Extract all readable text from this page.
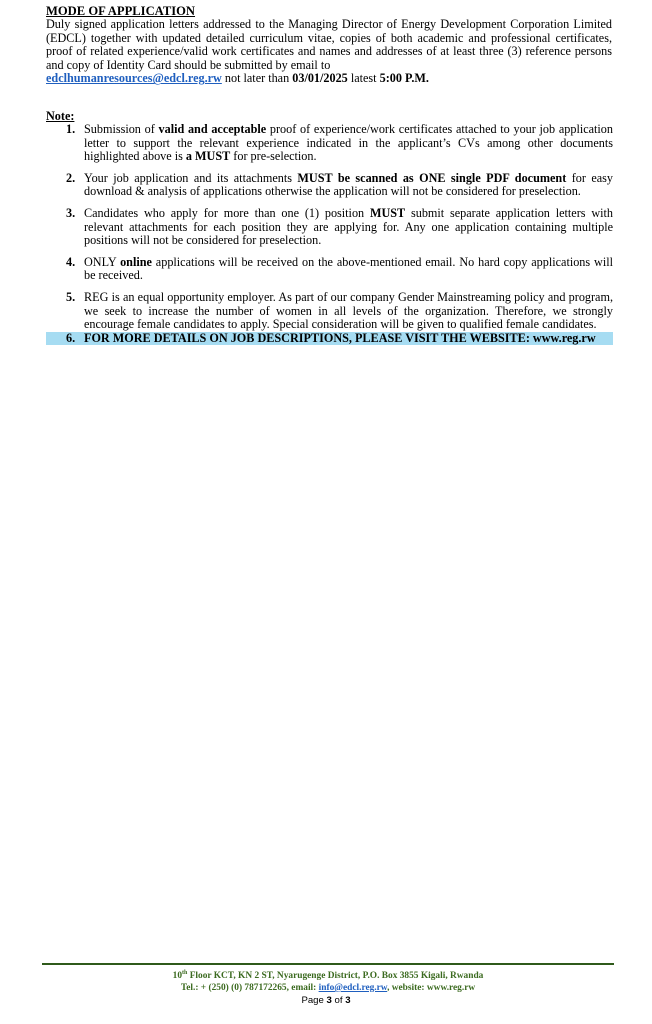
MODE OF APPLICATION

Duly signed application letters addressed to the Managing Director of Energy Development Corporation Limited (EDCL) together with updated detailed curriculum vitae, copies of both academic and professional certificates, proof of related experience/valid work certificates and names and addresses of at least three (3) reference persons and copy of Identity Card should be submitted by email to

edclhumanresources@edcl.reg.rw not later than 03/01/2025 latest 5:00 P.M.

Note:
1. Submission of valid and acceptable proof of experience/work certificates attached to your job application letter to support the relevant experience indicated in the applicant’s CVs among other documents highlighted above is a MUST for pre-selection.
2. Your job application and its attachments MUST be scanned as ONE single PDF document for easy download & analysis of applications otherwise the application will not be considered for preselection.
3. Candidates who apply for more than one (1) position MUST submit separate application letters with relevant attachments for each position they are applying for. Any one application containing multiple positions will not be considered for preselection.
4. ONLY online applications will be received on the above-mentioned email. No hard copy applications will be received.
5. REG is an equal opportunity employer. As part of our company Gender Mainstreaming policy and program, we seek to increase the number of women in all levels of the organization. Therefore, we strongly encourage female candidates to apply. Special consideration will be given to qualified female candidates.
6. FOR MORE DETAILS ON JOB DESCRIPTIONS, PLEASE VISIT THE WEBSITE: www.reg.rw
10th Floor KCT, KN 2 ST, Nyarugenge District, P.O. Box 3855 Kigali, Rwanda
Tel.: + (250) (0) 787172265, email: info@edcl.reg.rw, website: www.reg.rw
Page 3 of 3
